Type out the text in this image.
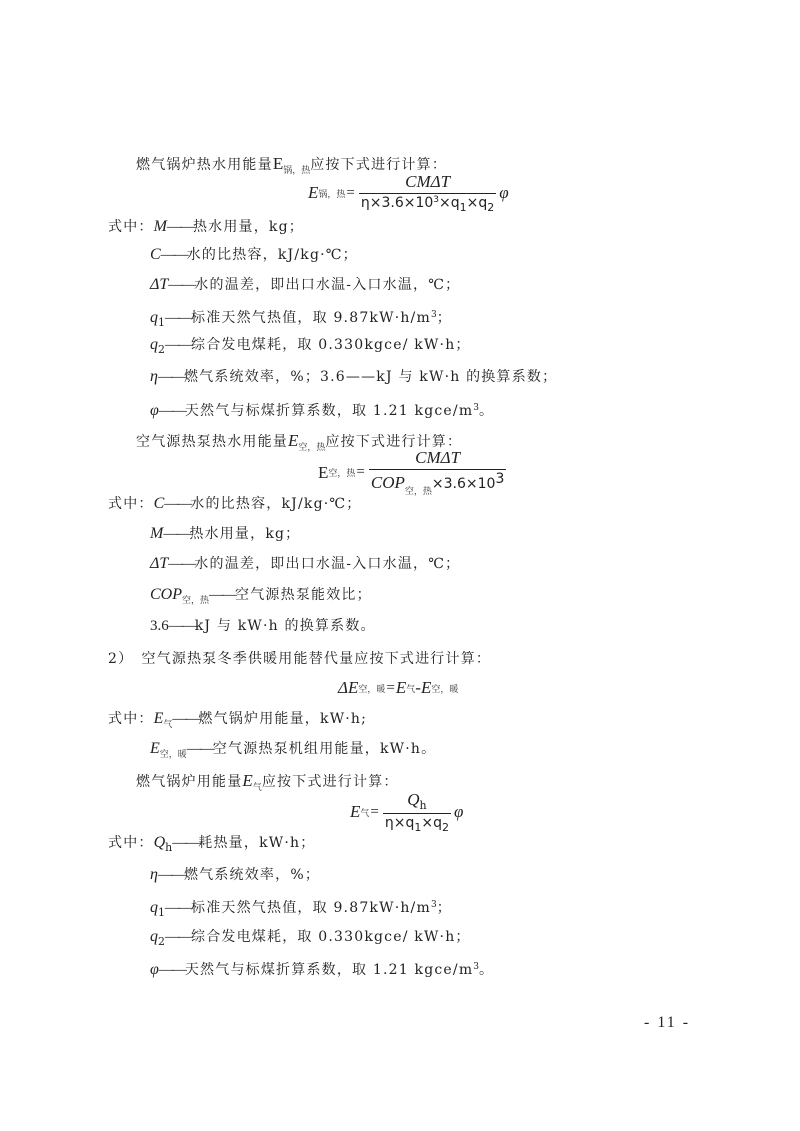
燃气锅炉热水用能量$E_{锅,热}$应按下式进行计算：
E 锅，热 = $\frac{\text{CMΔT}}{\eta\times 3.6\times 10^3\times q_1\times q_2}$ φ
式中：M——热水用量，kg；
C——水的比热容，kJ/kg·℃；
ΔT——水的温差，即出口水温-入口水温，℃；
$q_1——$标准天然气热值，取 $9.87kW\cdot h/m^3$；
$q_2——$综合发电煤耗，取 0.330kgce/ kW·h；
η——燃气系统效率，%；3.6——kJ 与 kW·h 的换算系数；
φ——天然气与标煤折算系数，取 1.21 kgce/$m^3$。
空气源热泵热水用能量$E_{空,热}$应按下式进行计算：
E 空，热 = $\frac{\text{CMΔT}}{COP_{空,热}\times 3.6\times 10^3}$
式中：C——水的比热容，kJ/kg·℃；
M——热水用量，kg；
ΔT——水的温差，即出口水温-入口水温，℃；
$COP_{空,热}——$空气源热泵能效比；
3.6——kJ 与 kW·h 的换算系数。
2）　空气源热泵冬季供暖用能替代量应按下式进行计算：
ΔE 空，暖 = E 气 - E 空，暖
式中：$E_气——$燃气锅炉用能量，kW·h;
$E_{空,暖}——$空气源热泵机组用能量，kW·h。
燃气锅炉用能量$E_气$应按下式进行计算：
E 气 = $\frac{Q_h}{\eta\times q_1\times q_2}$ φ
式中：$Q_h——$耗热量，kW·h；
η——燃气系统效率，%；
$q_1——$标准天然气热值，取 $9.87kW\cdot h/m^3$；
$q_2——$综合发电煤耗，取 0.330kgce/ kW·h；
φ——天然气与标煤折算系数，取 1.21 kgce/$m^3$。
- 11 -
